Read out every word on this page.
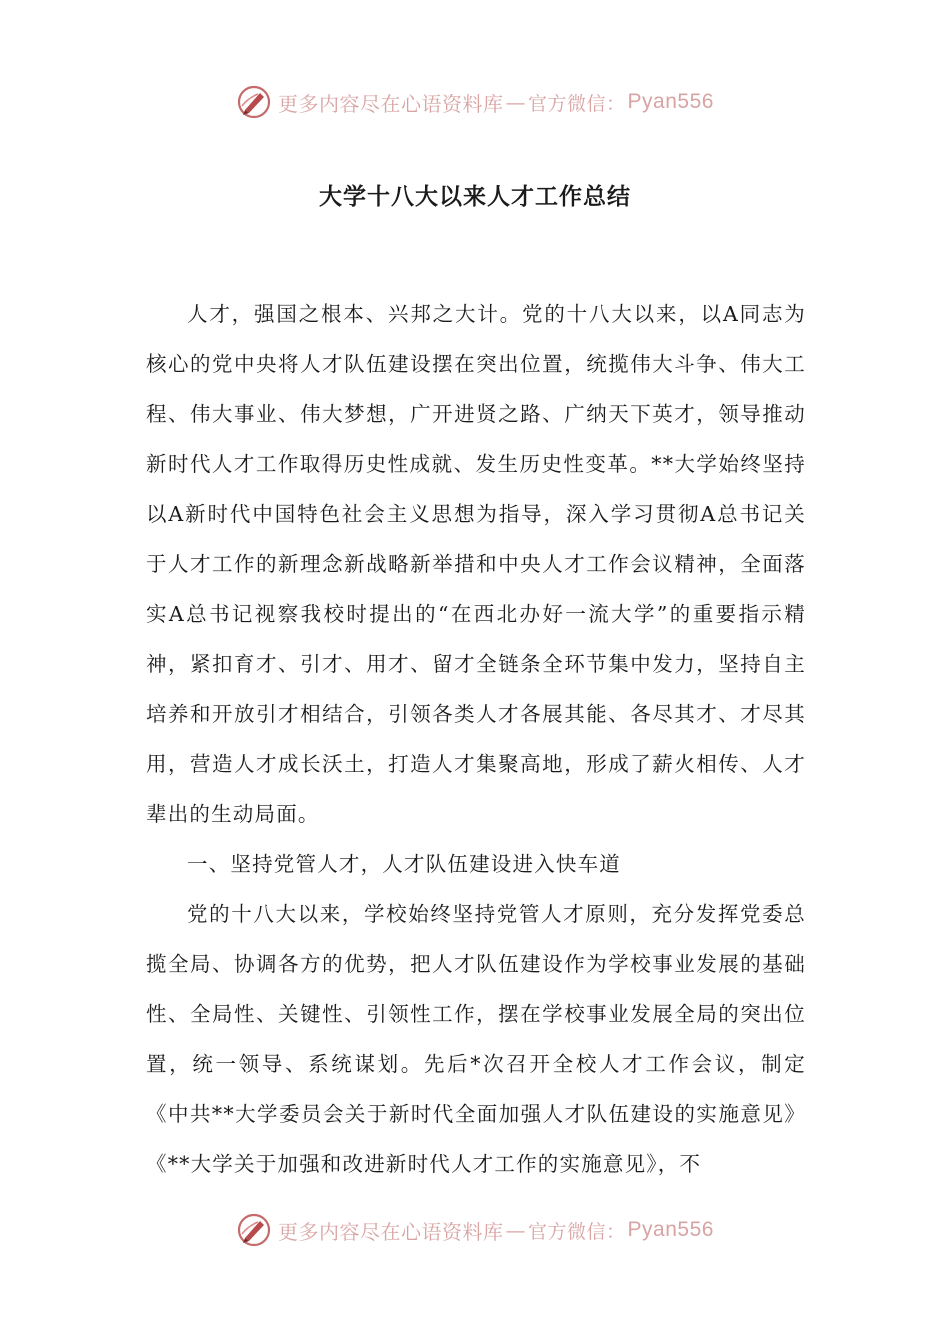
更多内容尽在心语资料库 — 官方微信： Pyan556
大学十八大以来人才工作总结

人才，强国之根本、兴邦之大计。党的十八大以来，以A同志为核心的党中央将人才队伍建设摆在突出位置，统揽伟大斗争、伟大工程、伟大事业、伟大梦想，广开进贤之路、广纳天下英才，领导推动新时代人才工作取得历史性成就、发生历史性变革。**大学始终坚持以A新时代中国特色社会主义思想为指导，深入学习贯彻A总书记关于人才工作的新理念新战略新举措和中央人才工作会议精神，全面落实A总书记视察我校时提出的“在西北办好一流大学”的重要指示精神，紧扣育才、引才、用才、留才全链条全环节集中发力，坚持自主培养和开放引才相结合，引领各类人才各展其能、各尽其才、才尽其用，营造人才成长沃土，打造人才集聚高地，形成了薪火相传、人才辈出的生动局面。

一、坚持党管人才，人才队伍建设进入快车道

党的十八大以来，学校始终坚持党管人才原则，充分发挥党委总揽全局、协调各方的优势，把人才队伍建设作为学校事业发展的基础性、全局性、关键性、引领性工作，摆在学校事业发展全局的突出位置，统一领导、系统谋划。先后*次召开全校人才工作会议，制定《中共**大学委员会关于新时代全面加强人才队伍建设的实施意见》《**大学关于加强和改进新时代人才工作的实施意见》，不

更多内容尽在心语资料库 — 官方微信： Pyan556
